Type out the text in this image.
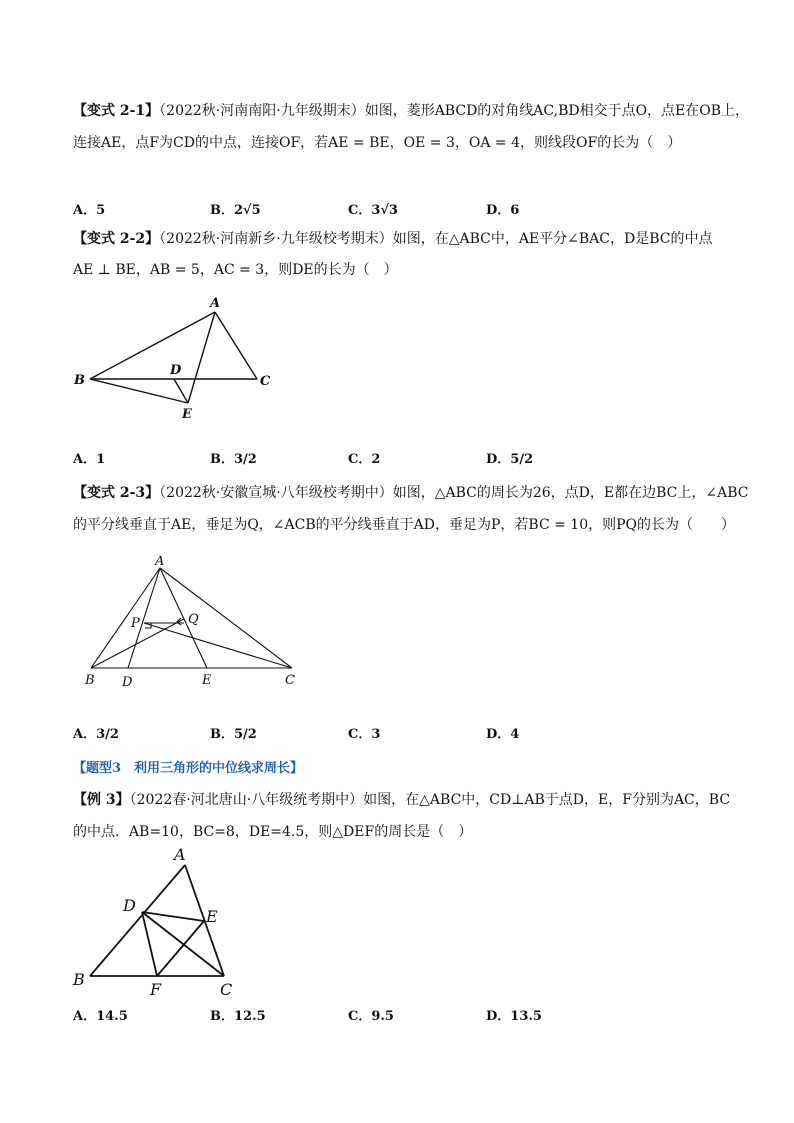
【变式 2-1】（2022秋·河南南阳·九年级期末）如图，菱形ABCD的对角线AC,BD相交于点O，点E在OB上，
连接AE，点F为CD的中点，连接OF，若AE = BE，OE = 3，OA = 4，则线段OF的长为（　）
A．5	B．2√5	C．3√3	D．6
【变式 2-2】（2022秋·河南新乡·九年级校考期末）如图，在△ABC中，AE平分∠BAC，D是BC的中点
AE ⊥ BE，AB = 5，AC = 3，则DE的长为（　）
A
B	C
D
E
A．1	B．3/2	C．2	D．5/2
【变式 2-3】（2022秋·安徽宣城·八年级校考期中）如图，△ABC的周长为26，点D，E都在边BC上，∠ABC
的平分线垂直于AE，垂足为Q，∠ACB的平分线垂直于AD，垂足为P，若BC = 10，则PQ的长为（　　）
A
P	Q
B D	E	C
A．3/2	B．5/2	C．3	D．4
【题型3　利用三角形的中位线求周长】
【例 3】（2022春·河北唐山·八年级统考期中）如图，在△ABC中，CD⊥AB于点D，E，F分别为AC，BC
的中点．AB=10，BC=8，DE=4.5，则△DEF的周长是（　）
A
D
E
B
F	C
A．14.5	B．12.5	C．9.5	D．13.5
